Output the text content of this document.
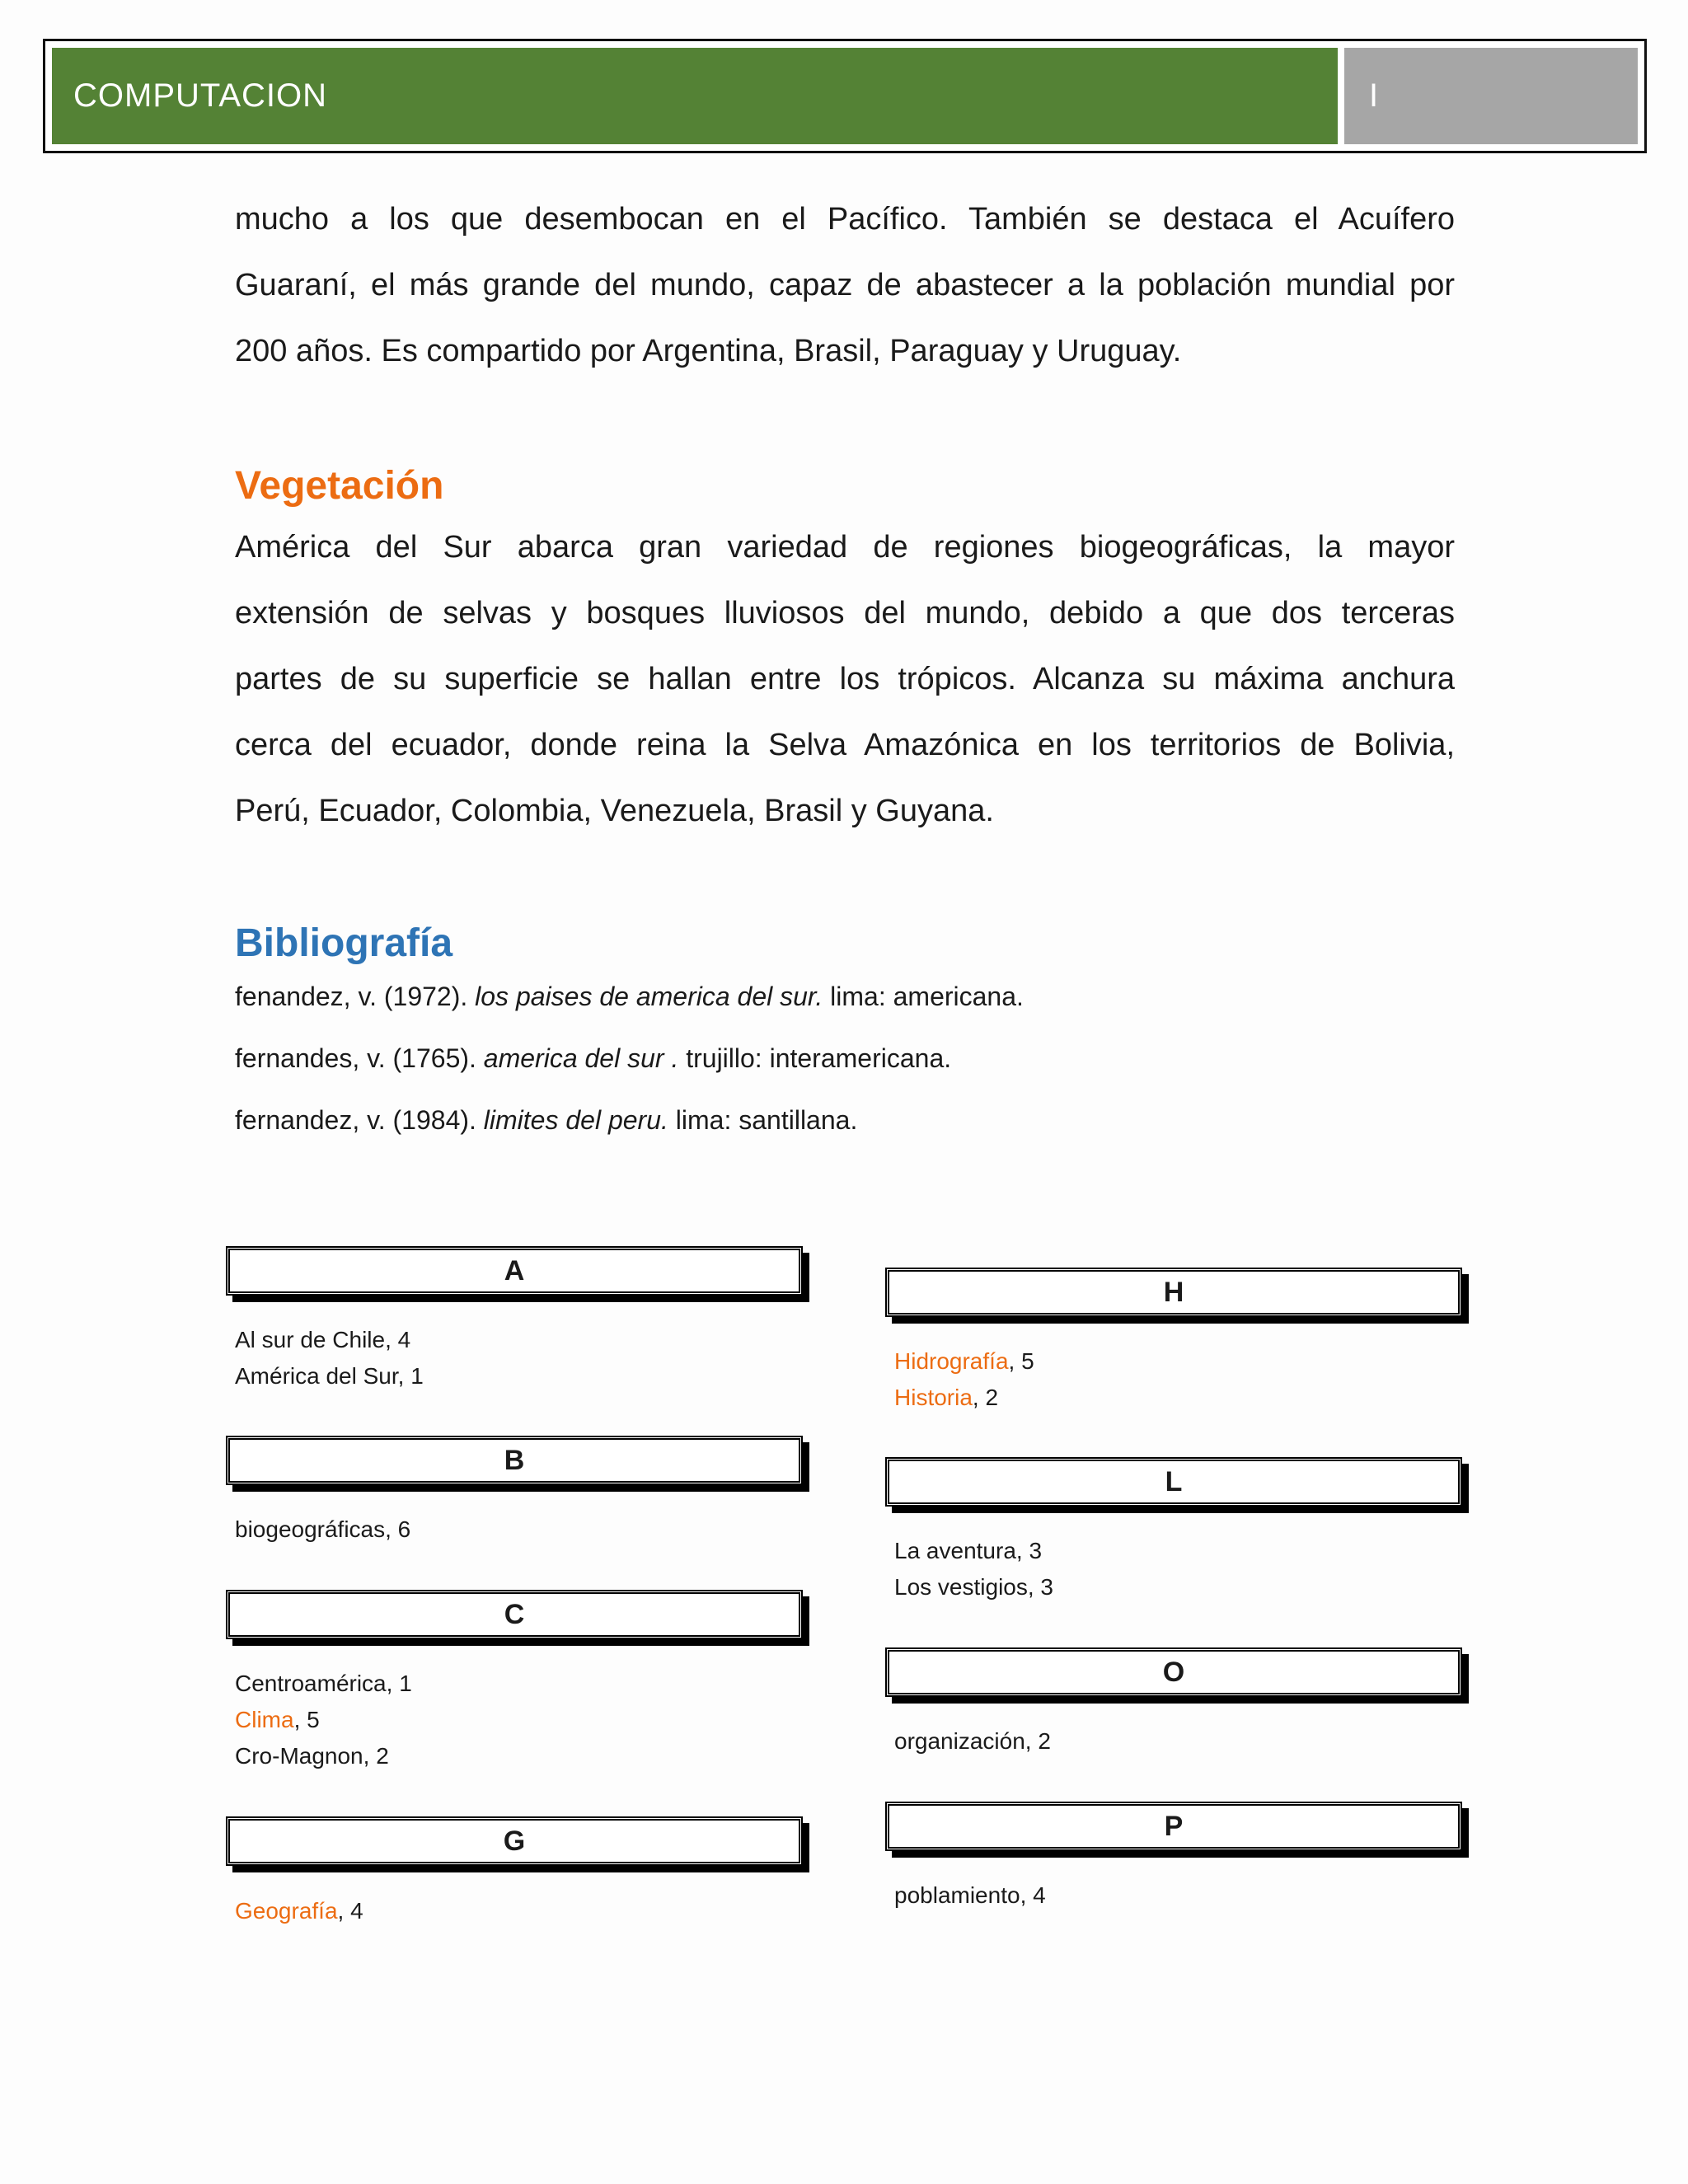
COMPUTACION	I
mucho a los que desembocan en el Pacífico. También se destaca el Acuífero
Guaraní, el más grande del mundo, capaz de abastecer a la población mundial por
200 años. Es compartido por Argentina, Brasil, Paraguay y Uruguay.
Vegetación
América del Sur abarca gran variedad de regiones biogeográficas, la mayor
extensión de selvas y bosques lluviosos del mundo, debido a que dos terceras
partes de su superficie se hallan entre los trópicos. Alcanza su máxima anchura
cerca del ecuador, donde reina la Selva Amazónica en los territorios de Bolivia,
Perú, Ecuador, Colombia, Venezuela, Brasil y Guyana.
Bibliografía
fenandez, v. (1972). los paises de america del sur. lima: americana.
fernandes, v. (1765). america del sur . trujillo: interamericana.
fernandez, v. (1984). limites del peru. lima: santillana.
A
Al sur de Chile, 4
América del Sur, 1
B
biogeográficas, 6
C
Centroamérica, 1
Clima, 5
Cro-Magnon, 2
G
Geografía, 4
H
Hidrografía, 5
Historia, 2
L
La aventura, 3
Los vestigios, 3
O
organización, 2
P
poblamiento, 4
